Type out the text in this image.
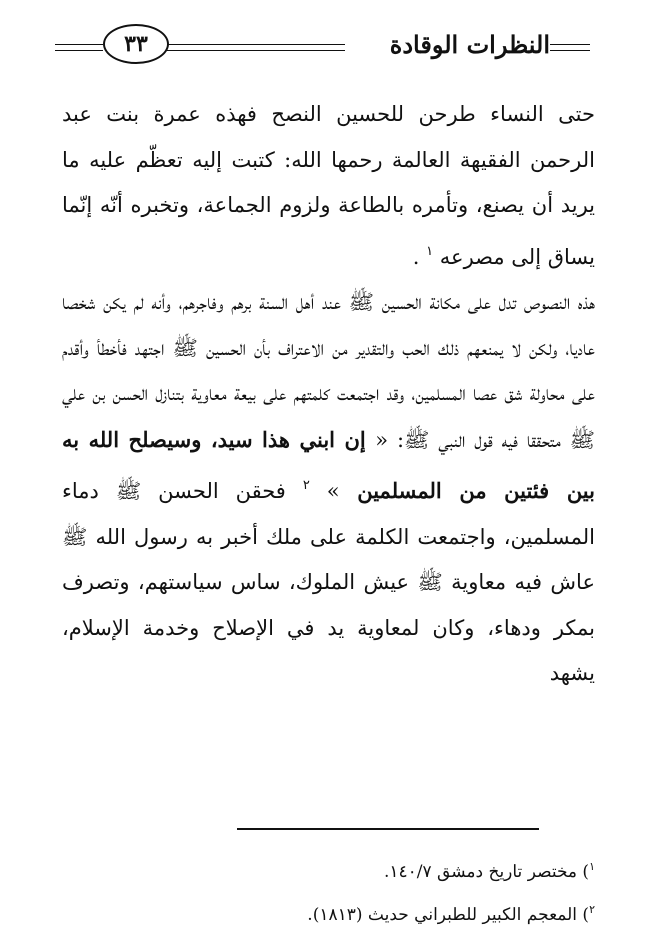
النظرات الوقادة
٣٣

حتى النساء طرحن للحسين النصح فهذه عمرة بنت عبد الرحمن الفقيهة العالمة رحمها الله: كتبت إليه تعظّم عليه ما يريد أن يصنع، وتأمره بالطاعة ولزوم الجماعة، وتخبره أنّه إنّما يساق إلى مصرعه $^١$ .

هذه النصوص تدل على مكانة الحسين ﷺ عند أهل السنة برهم وفاجرهم، وأنه لم يكن شخصا عاديا، ولكن لا يمنعهم ذلك الحب والتقدير من الاعتراف بأن الحسين ﷺ اجتهد فأخطأ وأقدم على محاولة شق عصا المسلمين، وقد اجتمعت كلمتهم على بيعة معاوية بتنازل الحسن بن علي ﷺ متحققا فيه قول النبي ﷺ: « إن ابني هذا سيد، وسيصلح الله به بين فئتين من المسلمين » $^٢$ فحقن الحسن ﷺ دماء المسلمين، واجتمعت الكلمة على ملك أخبر به رسول الله ﷺ عاش فيه معاوية ﷺ عيش الملوك، ساس سياستهم، وتصرف بمكر ودهاء، وكان لمعاوية يد في الإصلاح وخدمة الإسلام، يشهد

$^١$) مختصر تاريخ دمشق ١٤٠/٧.

$^٢$) المعجم الكبير للطبراني حديث (١٨١٣).
